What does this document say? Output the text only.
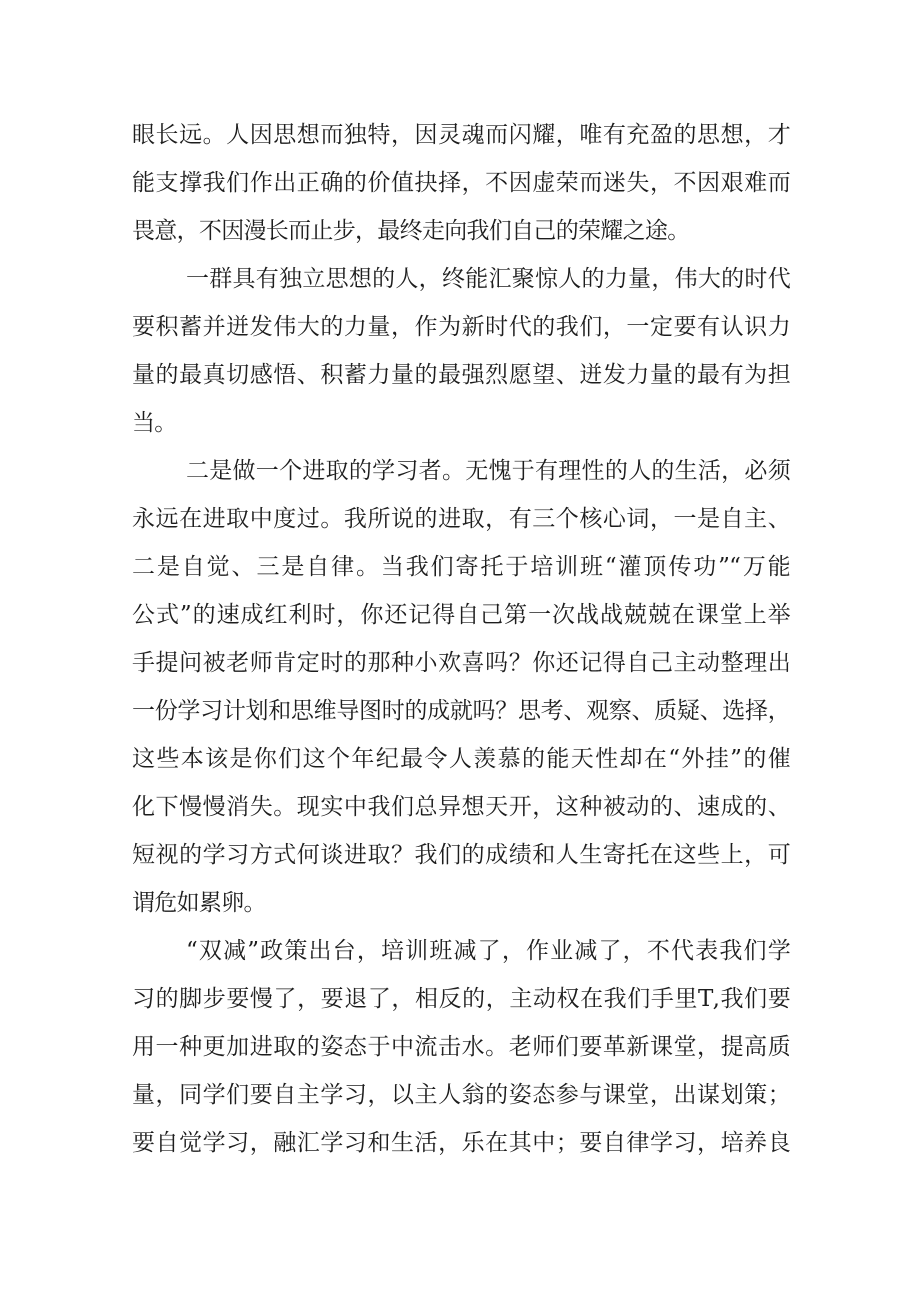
眼长远。人因思想而独特，因灵魂而闪耀，唯有充盈的思想，才
能支撑我们作出正确的价值抉择，不因虚荣而迷失，不因艰难而
畏意，不因漫长而止步，最终走向我们自己的荣耀之途。
一群具有独立思想的人，终能汇聚惊人的力量，伟大的时代
要积蓄并迸发伟大的力量，作为新时代的我们，一定要有认识力
量的最真切感悟、积蓄力量的最强烈愿望、迸发力量的最有为担
当。
二是做一个进取的学习者。无愧于有理性的人的生活，必须
永远在进取中度过。我所说的进取，有三个核心词，一是自主、
二是自觉、三是自律。当我们寄托于培训班“灌顶传功”“万能
公式”的速成红利时，你还记得自己第一次战战兢兢在课堂上举
手提问被老师肯定时的那种小欢喜吗？你还记得自己主动整理出
一份学习计划和思维导图时的成就吗？思考、观察、质疑、选择，
这些本该是你们这个年纪最令人羡慕的能天性却在“外挂”的催
化下慢慢消失。现实中我们总异想天开，这种被动的、速成的、
短视的学习方式何谈进取？我们的成绩和人生寄托在这些上，可
谓危如累卵。
“双减”政策出台，培训班减了，作业减了，不代表我们学
习的脚步要慢了，要退了，相反的，主动权在我们手里T,我们要
用一种更加进取的姿态于中流击水。老师们要革新课堂，提高质
量，同学们要自主学习，以主人翁的姿态参与课堂，出谋划策；
要自觉学习，融汇学习和生活，乐在其中；要自律学习，培养良
